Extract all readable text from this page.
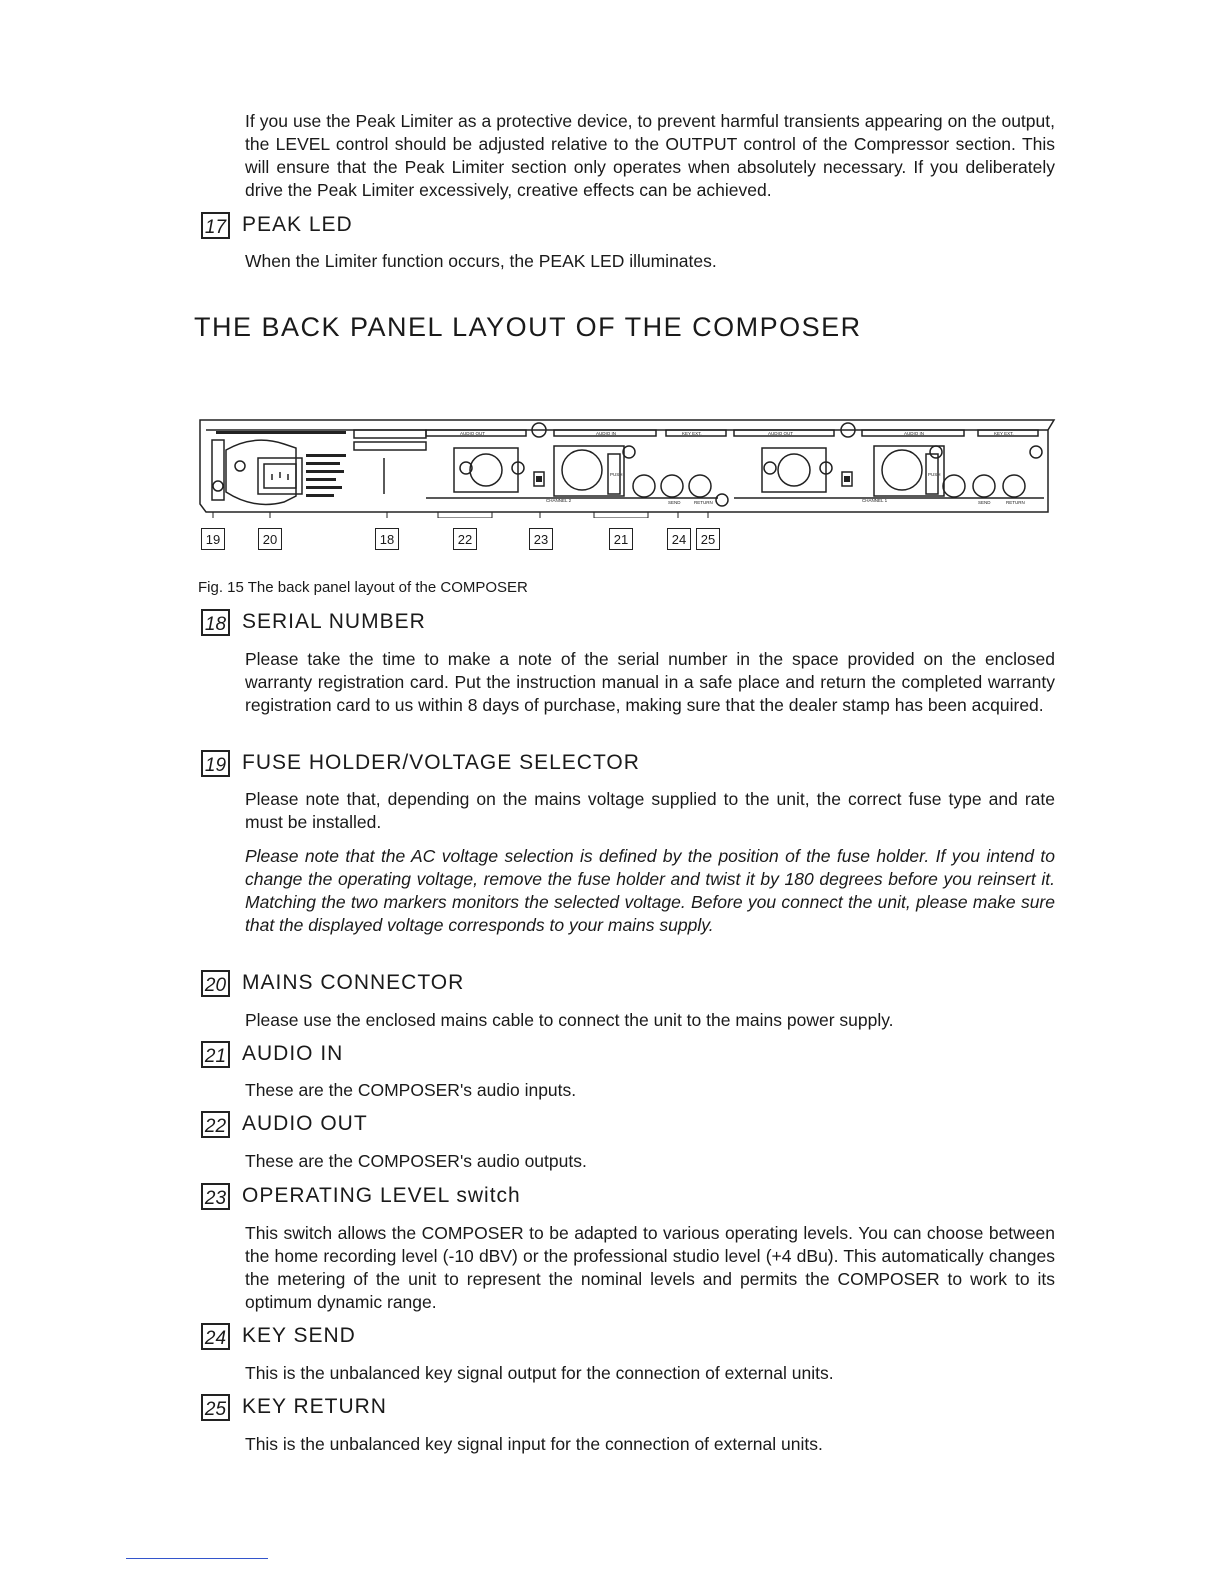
If you use the Peak Limiter as a protective device, to prevent harmful transients appearing on the output, the LEVEL control should be adjusted relative to the OUTPUT control of the Compressor section. This will ensure that the Peak Limiter section only operates when absolutely necessary. If you deliberately drive the Peak Limiter excessively, creative effects can be achieved.

17 PEAK LED

When the Limiter function occurs, the PEAK LED illuminates.

THE BACK PANEL LAYOUT OF THE COMPOSER
AUDIO OUT	AUDIO IN	KEY EXT.	AUDIO OUT	AUDIO IN	KEY EXT.
CHANNEL 2	CHANNEL 1
SEND	RETURN	SEND	RETURN
PUSH	PUSH
19	20	18	22	23	21	24	25
Fig. 15 The back panel layout of the COMPOSER
18 SERIAL NUMBER

Please take the time to make a note of the serial number in the space provided on the enclosed warranty registration card. Put the instruction manual in a safe place and return the completed warranty registration card to us within 8 days of purchase, making sure that the dealer stamp has been acquired.

19 FUSE HOLDER/VOLTAGE SELECTOR

Please note that, depending on the mains voltage supplied to the unit, the correct fuse type and rate must be installed.

Please note that the AC voltage selection is defined by the position of the fuse holder. If you intend to change the operating voltage, remove the fuse holder and twist it by 180 degrees before you reinsert it. Matching the two markers monitors the selected voltage. Before you connect the unit, please make sure that the displayed voltage corresponds to your mains supply.

20 MAINS CONNECTOR

Please use the enclosed mains cable to connect the unit to the mains power supply.

21 AUDIO IN

These are the COMPOSER's audio inputs.

22 AUDIO OUT

These are the COMPOSER's audio outputs.

23 OPERATING LEVEL switch

This switch allows the COMPOSER to be adapted to various operating levels. You can choose between the home recording level (-10 dBV) or the professional studio level (+4 dBu). This automatically changes the metering of the unit to represent the nominal levels and permits the COMPOSER to work to its optimum dynamic range.

24 KEY SEND

This is the unbalanced key signal output for the connection of external units.

25 KEY RETURN

This is the unbalanced key signal input for the connection of external units.
